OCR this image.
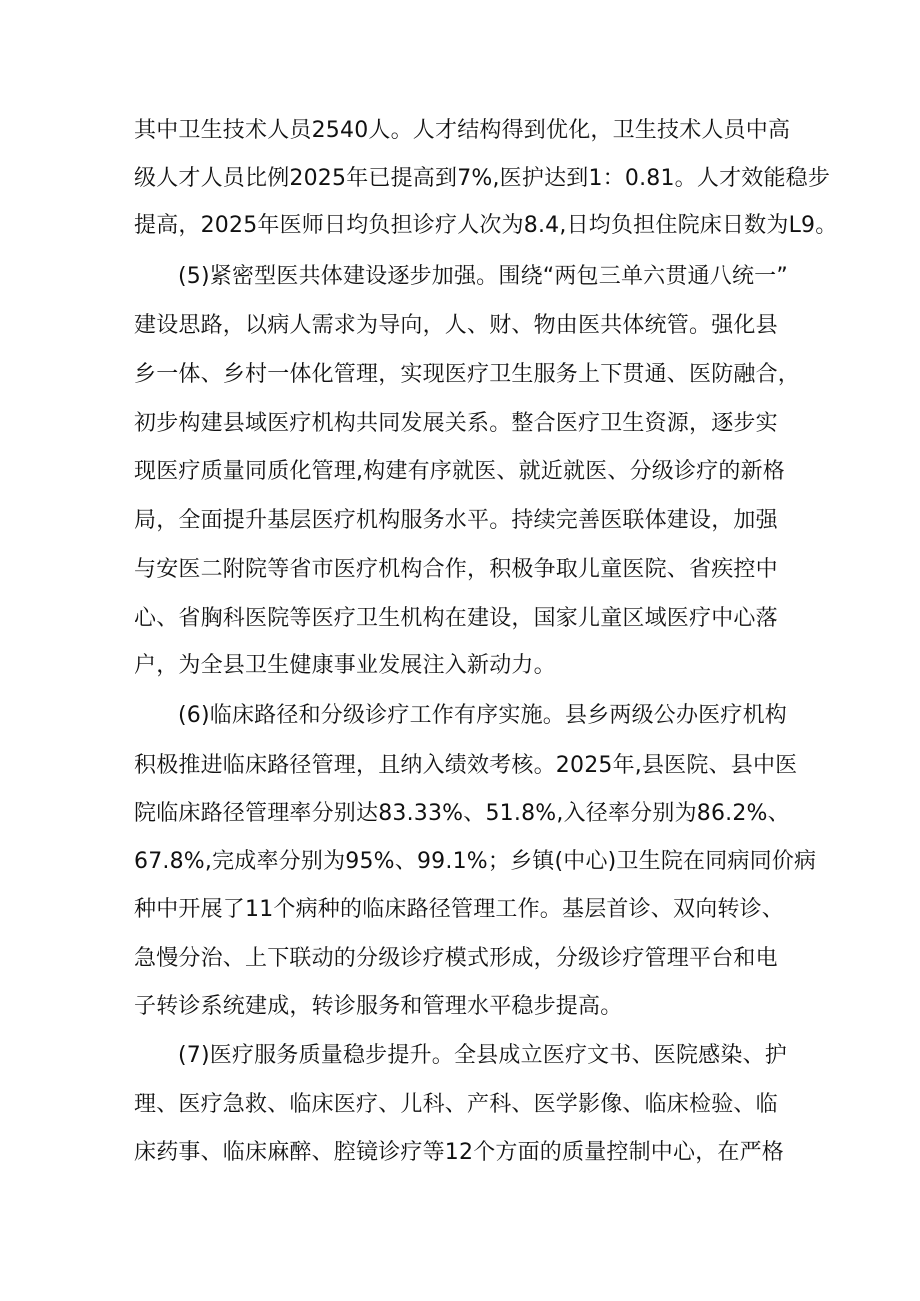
其中卫生技术人员2540人。人才结构得到优化，卫生技术人员中高
级人才人员比例2025年已提高到7%,医护达到1：0.81。人才效能稳步
提高，2025年医师日均负担诊疗人次为8.4,日均负担住院床日数为L9。
(5)紧密型医共体建设逐步加强。围绕“两包三单六贯通八统一”
建设思路，以病人需求为导向，人、财、物由医共体统管。强化县
乡一体、乡村一体化管理，实现医疗卫生服务上下贯通、医防融合，
初步构建县域医疗机构共同发展关系。整合医疗卫生资源，逐步实
现医疗质量同质化管理,构建有序就医、就近就医、分级诊疗的新格
局，全面提升基层医疗机构服务水平。持续完善医联体建设，加强
与安医二附院等省市医疗机构合作，积极争取儿童医院、省疾控中
心、省胸科医院等医疗卫生机构在建设，国家儿童区域医疗中心落
户，为全县卫生健康事业发展注入新动力。
(6)临床路径和分级诊疗工作有序实施。县乡两级公办医疗机构
积极推进临床路径管理，且纳入绩效考核。2025年,县医院、县中医
院临床路径管理率分别达83.33%、51.8%,入径率分别为86.2%、
67.8%,完成率分别为95%、99.1%；乡镇(中心)卫生院在同病同价病
种中开展了11个病种的临床路径管理工作。基层首诊、双向转诊、
急慢分治、上下联动的分级诊疗模式形成，分级诊疗管理平台和电
子转诊系统建成，转诊服务和管理水平稳步提高。
(7)医疗服务质量稳步提升。全县成立医疗文书、医院感染、护
理、医疗急救、临床医疗、儿科、产科、医学影像、临床检验、临
床药事、临床麻醉、腔镜诊疗等12个方面的质量控制中心，在严格
